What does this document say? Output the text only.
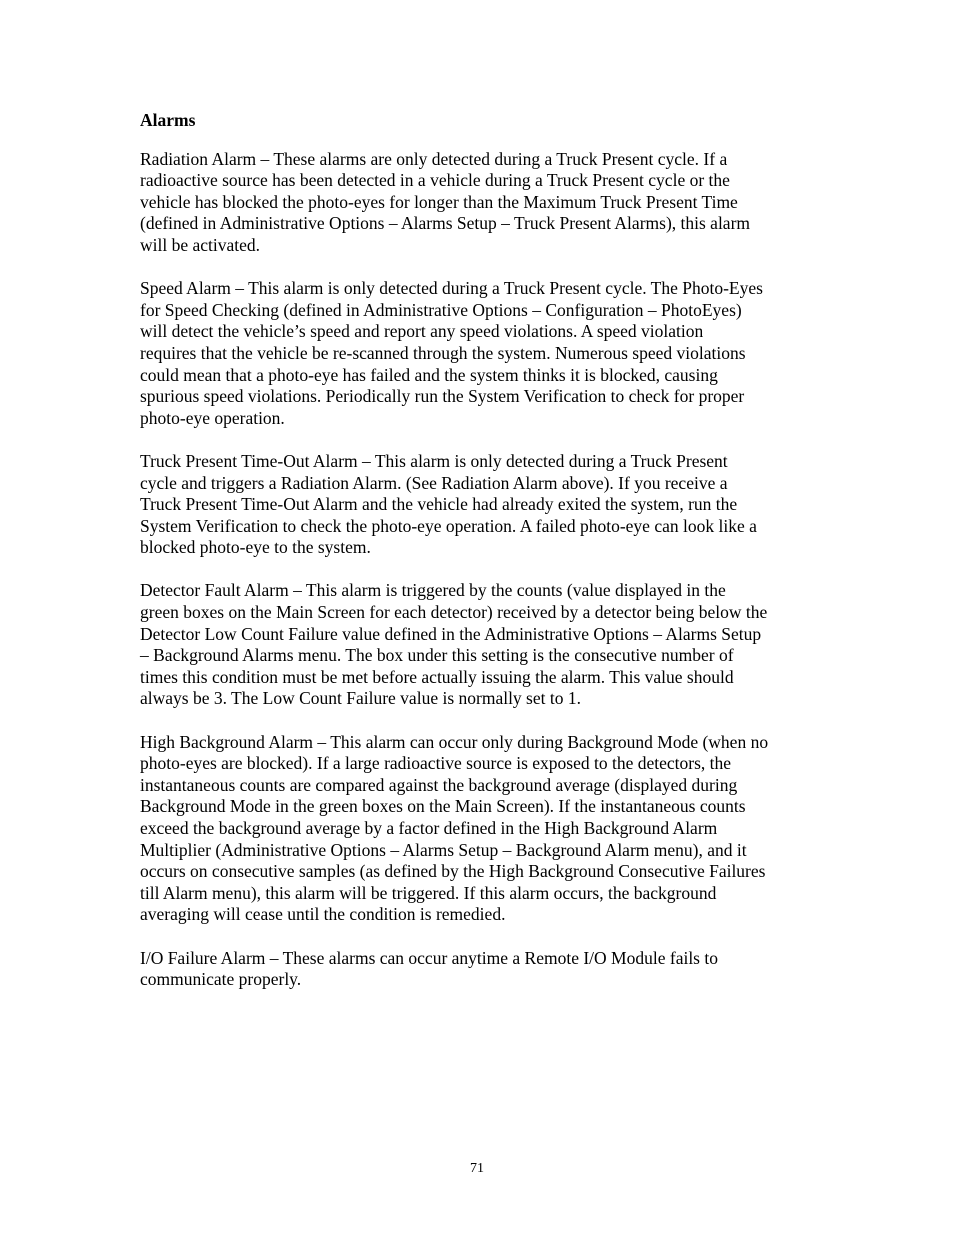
Alarms
Radiation Alarm – These alarms are only detected during a Truck Present cycle. If a
radioactive source has been detected in a vehicle during a Truck Present cycle or the
vehicle has blocked the photo-eyes for longer than the Maximum Truck Present Time
(defined in Administrative Options – Alarms Setup – Truck Present Alarms), this alarm
will be activated.
Speed Alarm – This alarm is only detected during a Truck Present cycle. The Photo-Eyes
for Speed Checking (defined in Administrative Options – Configuration – PhotoEyes)
will detect the vehicle’s speed and report any speed violations. A speed violation
requires that the vehicle be re-scanned through the system. Numerous speed violations
could mean that a photo-eye has failed and the system thinks it is blocked, causing
spurious speed violations. Periodically run the System Verification to check for proper
photo-eye operation.
Truck Present Time-Out Alarm – This alarm is only detected during a Truck Present
cycle and triggers a Radiation Alarm. (See Radiation Alarm above). If you receive a
Truck Present Time-Out Alarm and the vehicle had already exited the system, run the
System Verification to check the photo-eye operation. A failed photo-eye can look like a
blocked photo-eye to the system.
Detector Fault Alarm – This alarm is triggered by the counts (value displayed in the
green boxes on the Main Screen for each detector) received by a detector being below the
Detector Low Count Failure value defined in the Administrative Options – Alarms Setup
– Background Alarms menu. The box under this setting is the consecutive number of
times this condition must be met before actually issuing the alarm. This value should
always be 3. The Low Count Failure value is normally set to 1.
High Background Alarm – This alarm can occur only during Background Mode (when no
photo-eyes are blocked). If a large radioactive source is exposed to the detectors, the
instantaneous counts are compared against the background average (displayed during
Background Mode in the green boxes on the Main Screen). If the instantaneous counts
exceed the background average by a factor defined in the High Background Alarm
Multiplier (Administrative Options – Alarms Setup – Background Alarm menu), and it
occurs on consecutive samples (as defined by the High Background Consecutive Failures
till Alarm menu), this alarm will be triggered. If this alarm occurs, the background
averaging will cease until the condition is remedied.
I/O Failure Alarm – These alarms can occur anytime a Remote I/O Module fails to
communicate properly.
71
